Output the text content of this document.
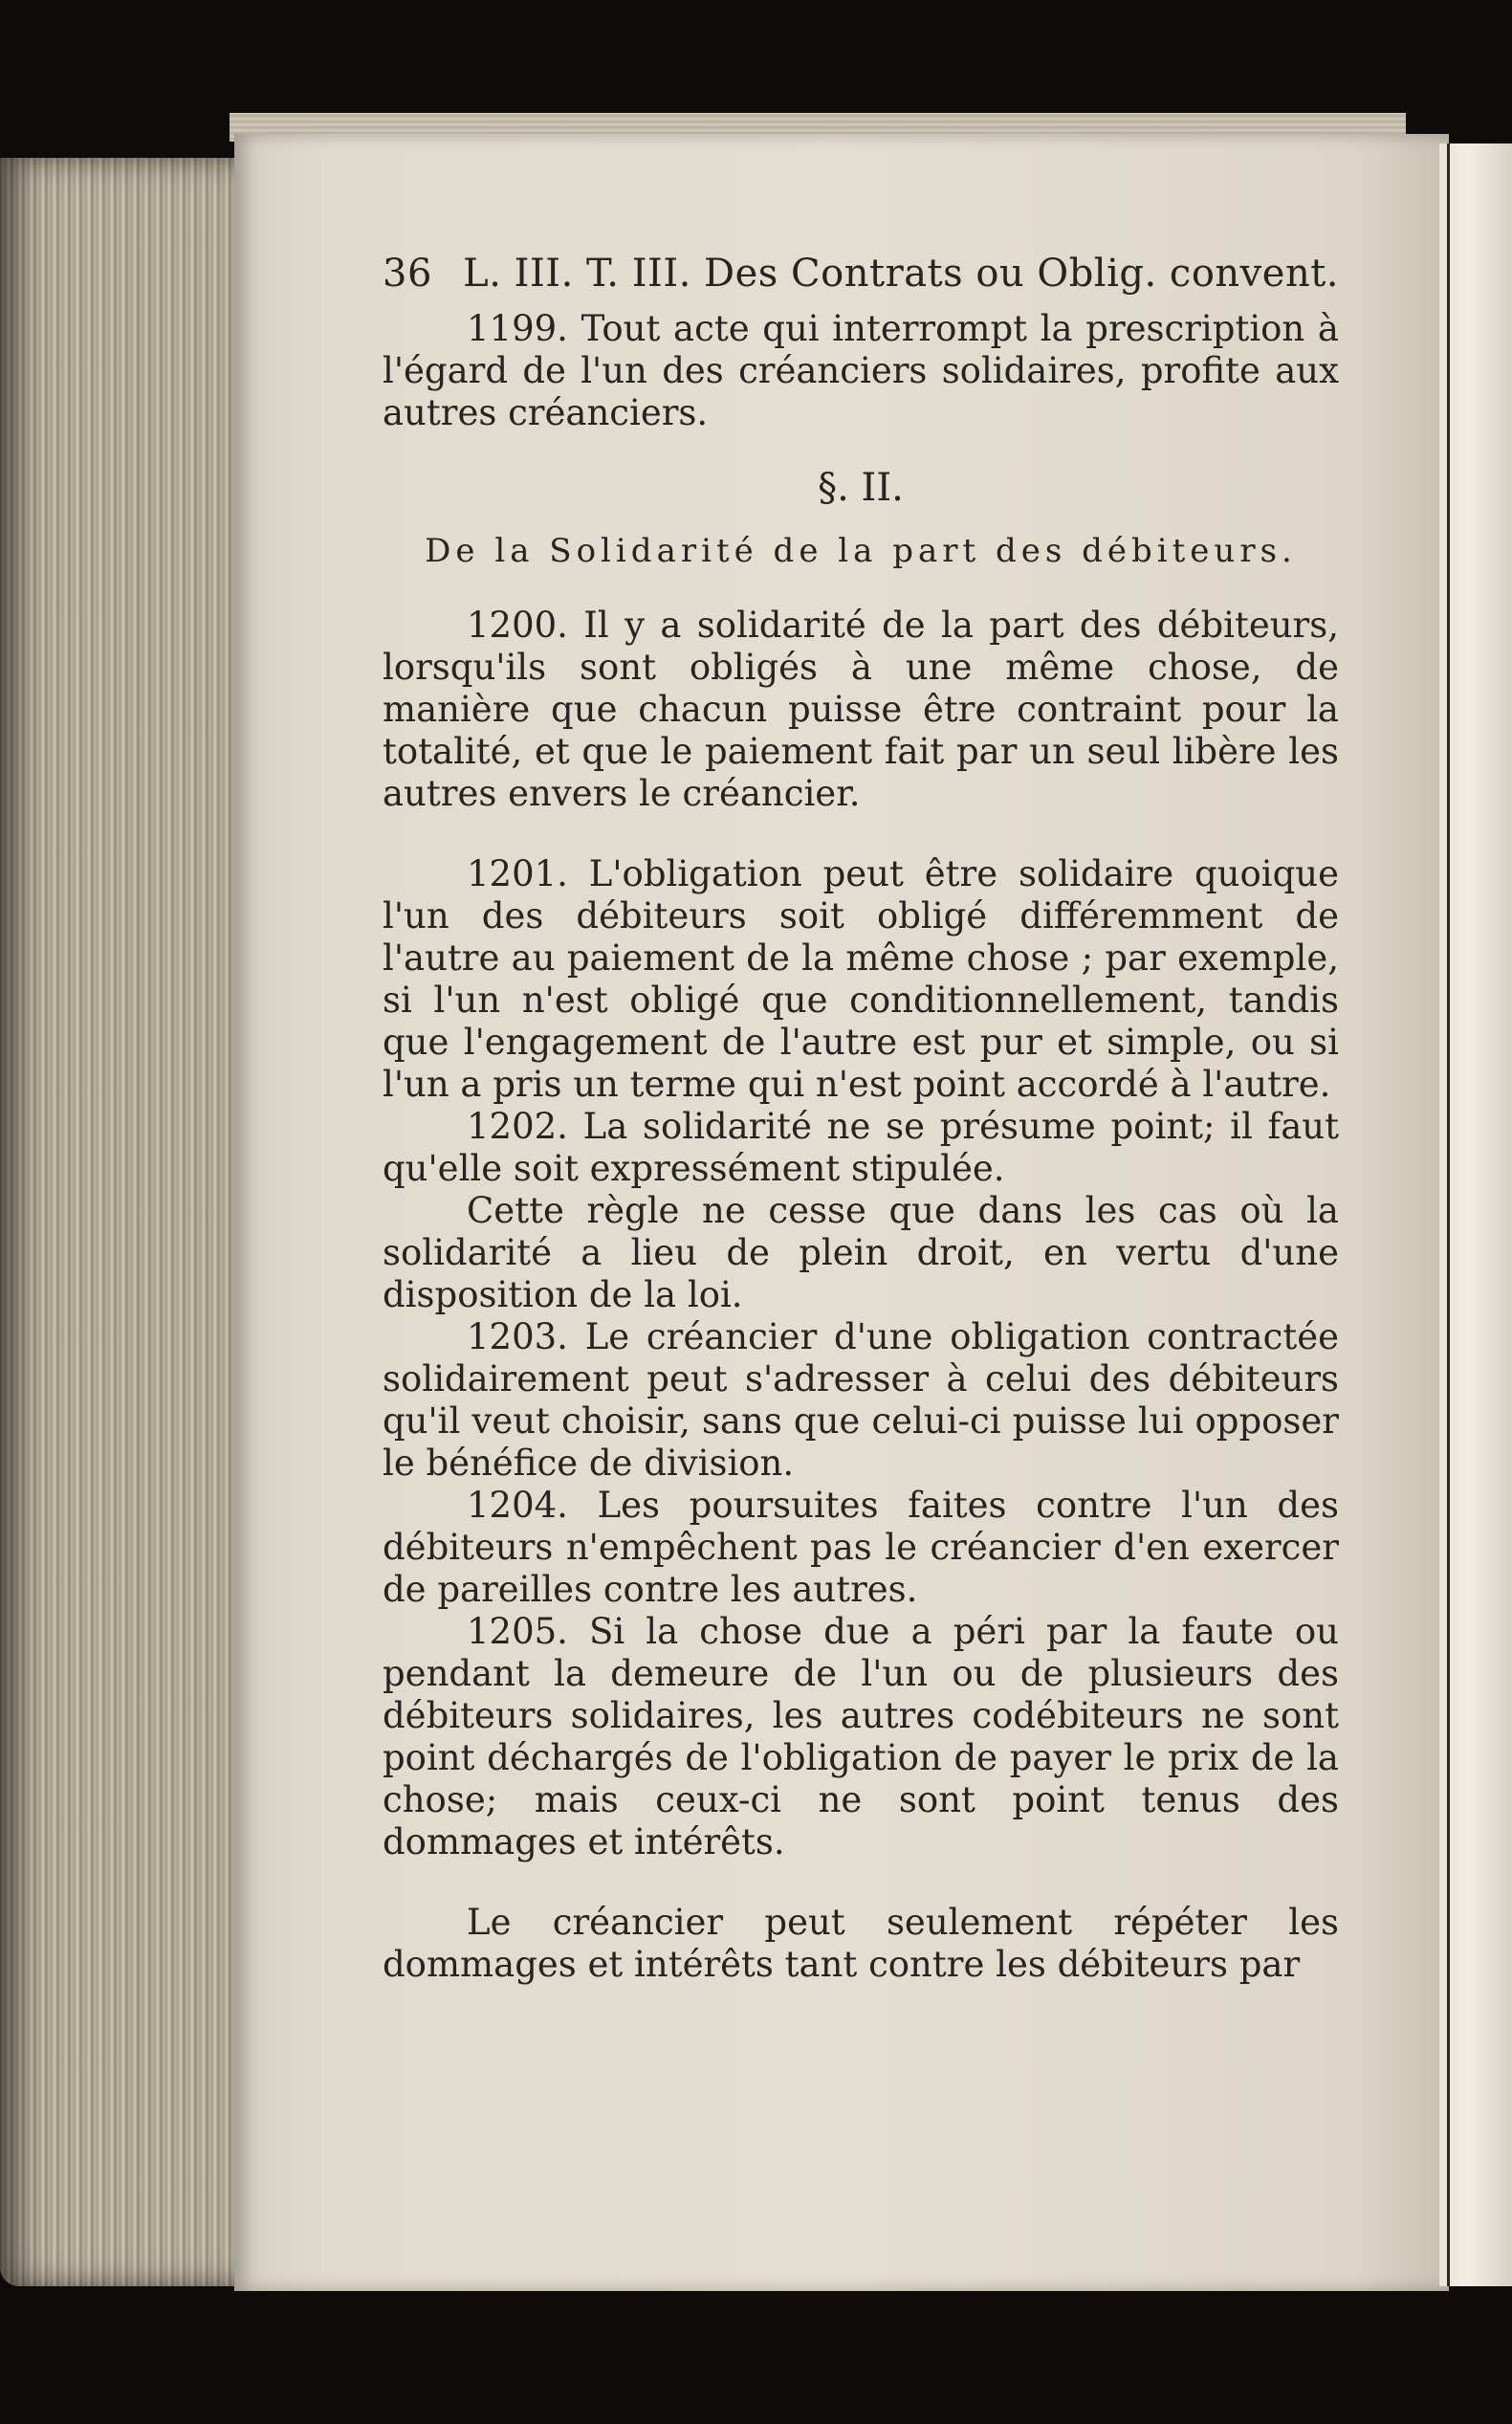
36 L. III. T. III. Des Contrats ou Oblig. convent.

1199. Tout acte qui interrompt la prescription à l'égard de l'un des créanciers solidaires, profite aux autres créanciers.

§. II.
De la Solidarité de la part des débiteurs.

1200. Il y a solidarité de la part des débiteurs, lorsqu'ils sont obligés à une même chose, de manière que chacun puisse être contraint pour la totalité, et que le paiement fait par un seul libère les autres envers le créancier.

1201. L'obligation peut être solidaire quoique l'un des débiteurs soit obligé différemment de l'autre au paiement de la même chose ; par exemple, si l'un n'est obligé que conditionnellement, tandis que l'engagement de l'autre est pur et simple, ou si l'un a pris un terme qui n'est point accordé à l'autre.

1202. La solidarité ne se présume point; il faut qu'elle soit expressément stipulée.

Cette règle ne cesse que dans les cas où la solidarité a lieu de plein droit, en vertu d'une disposition de la loi.

1203. Le créancier d'une obligation contractée solidairement peut s'adresser à celui des débiteurs qu'il veut choisir, sans que celui-ci puisse lui opposer le bénéfice de division.

1204. Les poursuites faites contre l'un des débiteurs n'empêchent pas le créancier d'en exercer de pareilles contre les autres.

1205. Si la chose due a péri par la faute ou pendant la demeure de l'un ou de plusieurs des débiteurs solidaires, les autres codébiteurs ne sont point déchargés de l'obligation de payer le prix de la chose; mais ceux-ci ne sont point tenus des dommages et intérêts.

Le créancier peut seulement répéter les dommages et intérêts tant contre les débiteurs par
